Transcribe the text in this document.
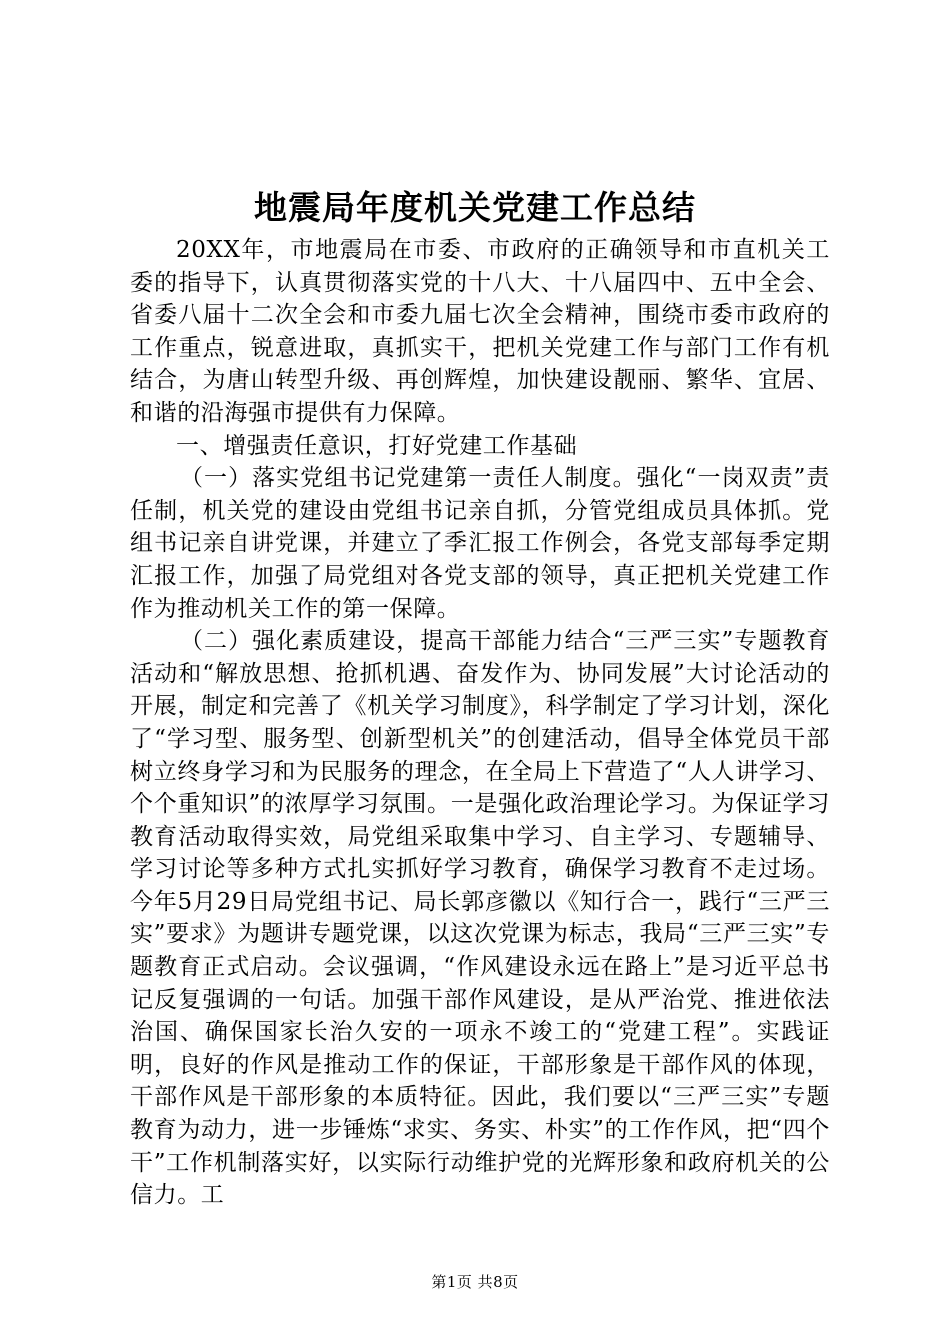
地震局年度机关党建工作总结

20XX年，市地震局在市委、市政府的正确领导和市直机关工委的指导下，认真贯彻落实党的十八大、十八届四中、五中全会、省委八届十二次全会和市委九届七次全会精神，围绕市委市政府的工作重点，锐意进取，真抓实干，把机关党建工作与部门工作有机结合，为唐山转型升级、再创辉煌，加快建设靓丽、繁华、宜居、和谐的沿海强市提供有力保障。

一、增强责任意识，打好党建工作基础

（一）落实党组书记党建第一责任人制度。强化“一岗双责”责任制，机关党的建设由党组书记亲自抓，分管党组成员具体抓。党组书记亲自讲党课，并建立了季汇报工作例会，各党支部每季定期汇报工作，加强了局党组对各党支部的领导，真正把机关党建工作作为推动机关工作的第一保障。

（二）强化素质建设，提高干部能力结合“三严三实”专题教育活动和“解放思想、抢抓机遇、奋发作为、协同发展”大讨论活动的开展，制定和完善了《机关学习制度》，科学制定了学习计划，深化了“学习型、服务型、创新型机关”的创建活动，倡导全体党员干部树立终身学习和为民服务的理念，在全局上下营造了“人人讲学习、个个重知识”的浓厚学习氛围。一是强化政治理论学习。为保证学习教育活动取得实效，局党组采取集中学习、自主学习、专题辅导、学习讨论等多种方式扎实抓好学习教育，确保学习教育不走过场。今年5月29日局党组书记、局长郭彦徽以《知行合一，践行“三严三实”要求》为题讲专题党课，以这次党课为标志，我局“三严三实”专题教育正式启动。会议强调，“作风建设永远在路上”是习近平总书记反复强调的一句话。加强干部作风建设，是从严治党、推进依法治国、确保国家长治久安的一项永不竣工的“党建工程”。实践证明，良好的作风是推动工作的保证，干部形象是干部作风的体现，干部作风是干部形象的本质特征。因此，我们要以“三严三实”专题教育为动力，进一步锤炼“求实、务实、朴实”的工作作风，把“四个干”工作机制落实好，以实际行动维护党的光辉形象和政府机关的公信力。工

第1页 共8页
